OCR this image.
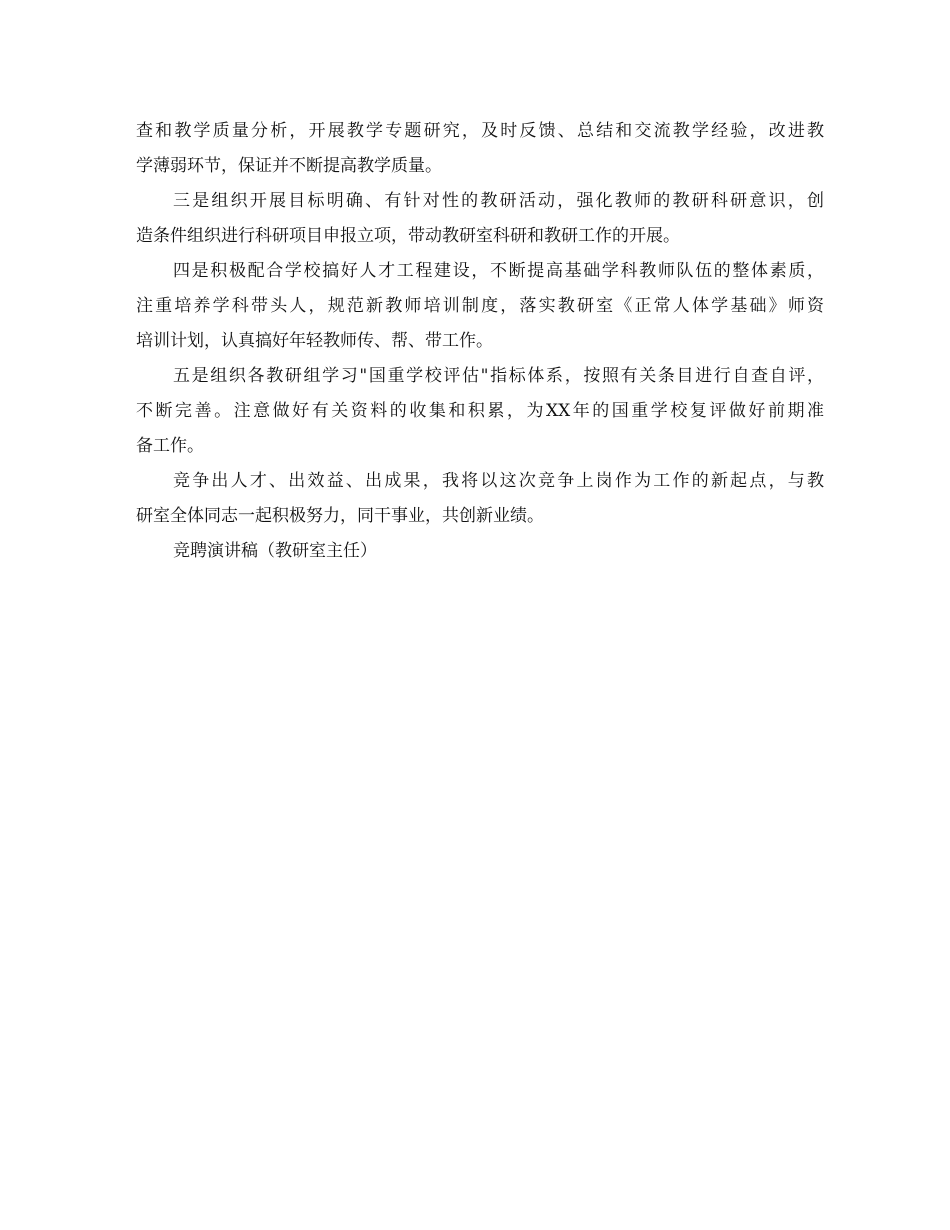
查和教学质量分析，开展教学专题研究，及时反馈、总结和交流教学经验，改进教
学薄弱环节，保证并不断提高教学质量。
三是组织开展目标明确、有针对性的教研活动，强化教师的教研科研意识，创
造条件组织进行科研项目申报立项，带动教研室科研和教研工作的开展。
四是积极配合学校搞好人才工程建设，不断提高基础学科教师队伍的整体素质，
注重培养学科带头人，规范新教师培训制度，落实教研室《正常人体学基础》师资
培训计划，认真搞好年轻教师传、帮、带工作。
五是组织各教研组学习"国重学校评估"指标体系，按照有关条目进行自查自评，
不断完善。注意做好有关资料的收集和积累，为XX年的国重学校复评做好前期准
备工作。
竞争出人才、出效益、出成果，我将以这次竞争上岗作为工作的新起点，与教
研室全体同志一起积极努力，同干事业，共创新业绩。
竞聘演讲稿（教研室主任）
